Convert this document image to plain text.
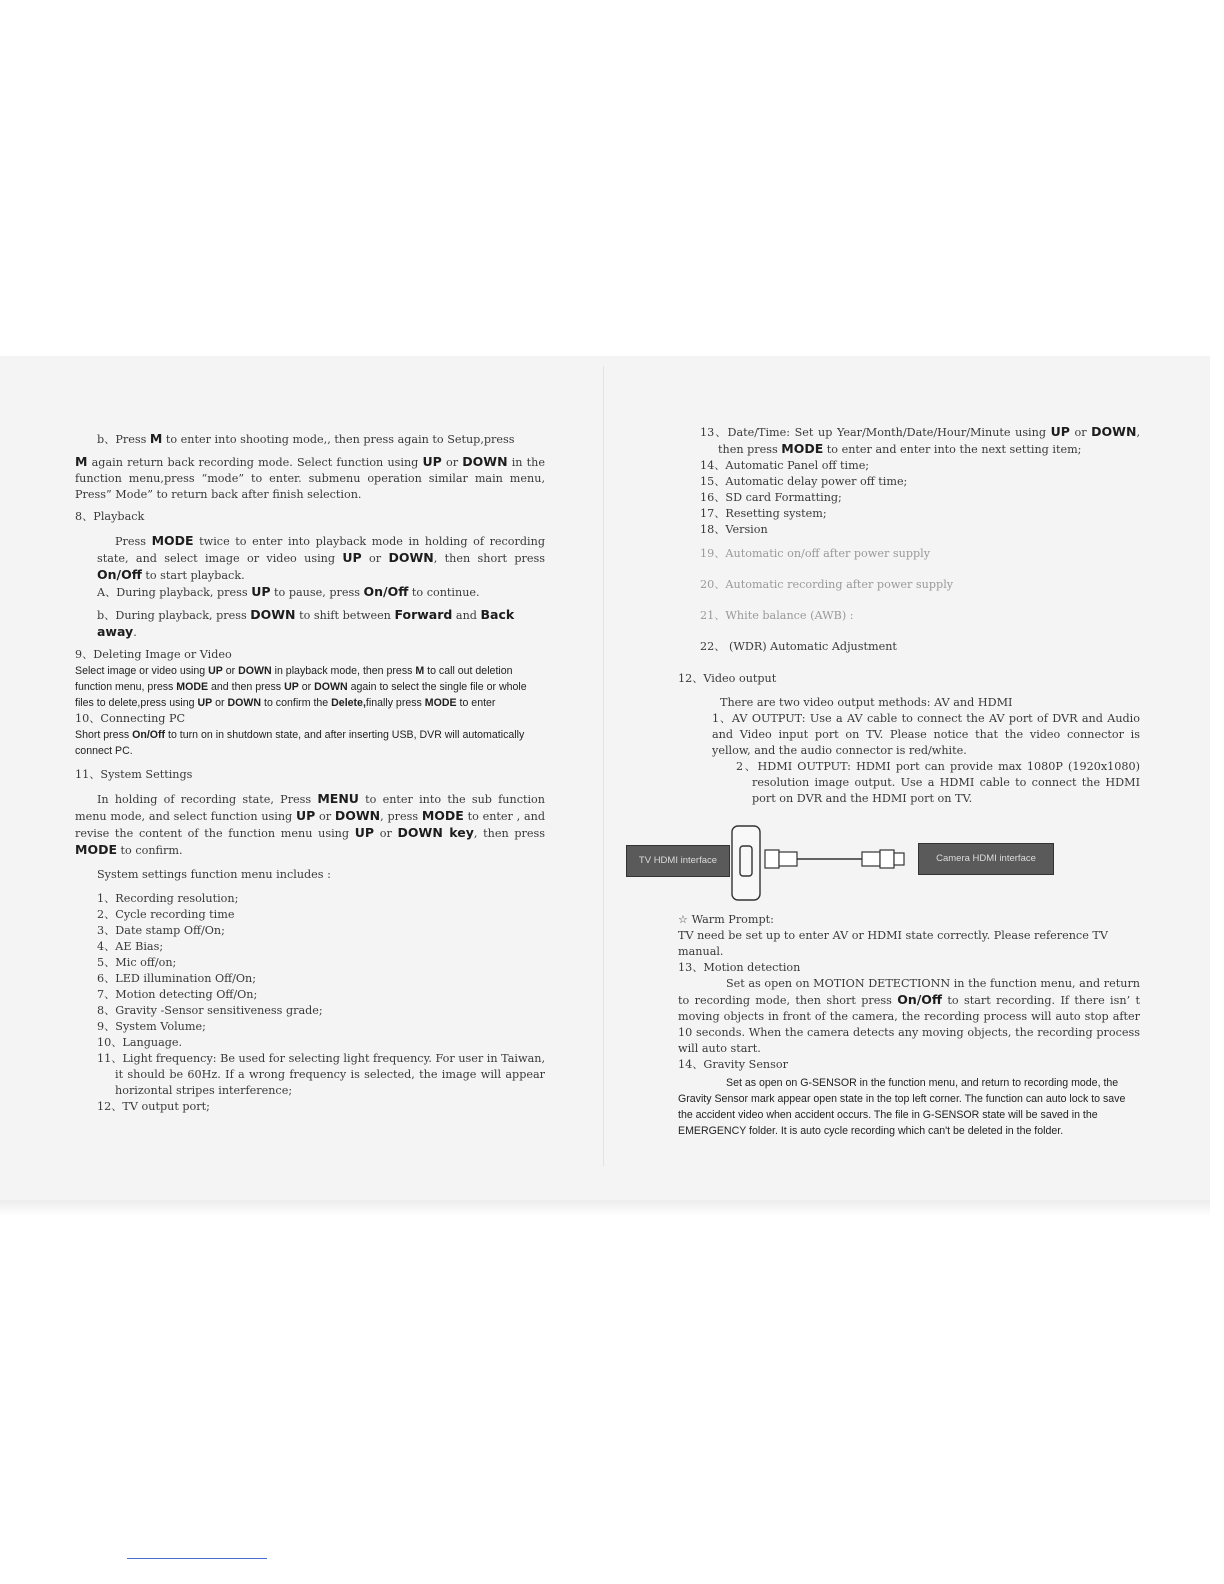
b、Press M to enter into shooting mode,, then press again to Setup,press

M again return back recording mode. Select function using UP or DOWN in the function menu,press “mode” to enter. submenu operation similar main menu, Press” Mode” to return back after finish selection.

8、Playback

Press MODE twice to enter into playback mode in holding of recording state, and select image or video using UP or DOWN, then short press On/Off to start playback.

A、During playback, press UP to pause, press On/Off to continue.

b、During playback, press DOWN to shift between Forward and Back away.

9、Deleting Image or Video

Select image or video using UP or DOWN in playback mode, then press M to call out deletion function menu, press MODE and then press UP or DOWN again to select the single file or whole files to delete,press using UP or DOWN to confirm the Delete,finally press MODE to enter

10、Connecting PC

Short press On/Off to turn on in shutdown state, and after inserting USB, DVR will automatically connect PC.

11、System Settings

In holding of recording state, Press MENU to enter into the sub function menu mode, and select function using UP or DOWN, press MODE to enter , and revise the content of the function menu using UP or DOWN key, then press MODE to confirm.

System settings function menu includes :

1、Recording resolution;

2、Cycle recording time

3、Date stamp Off/On;

4、AE Bias;

5、Mic off/on;

6、LED illumination Off/On;

7、Motion detecting Off/On;

8、Gravity -Sensor sensitiveness grade;

9、System Volume;

10、Language.

11、Light frequency: Be used for selecting light frequency. For user in Taiwan, it should be 60Hz. If a wrong frequency is selected, the image will appear horizontal stripes interference;

12、TV output port;

13、Date/Time: Set up Year/Month/Date/Hour/Minute using UP or DOWN, then press MODE to enter and enter into the next setting item;

14、Automatic Panel off time;

15、Automatic delay power off time;

16、SD card Formatting;

17、Resetting system;

18、Version

19、Automatic on/off after power supply

20、Automatic recording after power supply

21、White balance (AWB) :

22、 (WDR) Automatic Adjustment

12、Video output

There are two video output methods: AV and HDMI

1、AV OUTPUT: Use a AV cable to connect the AV port of DVR and Audio and Video input port on TV. Please notice that the video connector is yellow, and the audio connector is red/white.

2、HDMI OUTPUT: HDMI port can provide max 1080P (1920x1080) resolution image output. Use a HDMI cable to connect the HDMI port on DVR and the HDMI port on TV.

TV HDMI interface	Camera HDMI interface

☆ Warm Prompt:

TV need be set up to enter AV or HDMI state correctly. Please reference TV manual.

13、Motion detection

Set as open on MOTION DETECTIONN in the function menu, and return to recording mode, then short press On/Off to start recording. If there isn’ t moving objects in front of the camera, the recording process will auto stop after 10 seconds. When the camera detects any moving objects, the recording process will auto start.

14、Gravity Sensor

Set as open on G-SENSOR in the function menu, and return to recording mode, the Gravity Sensor mark appear open state in the top left corner. The function can auto lock to save the accident video when accident occurs. The file in G-SENSOR state will be saved in the EMERGENCY folder. It is auto cycle recording which can't be deleted in the folder.
